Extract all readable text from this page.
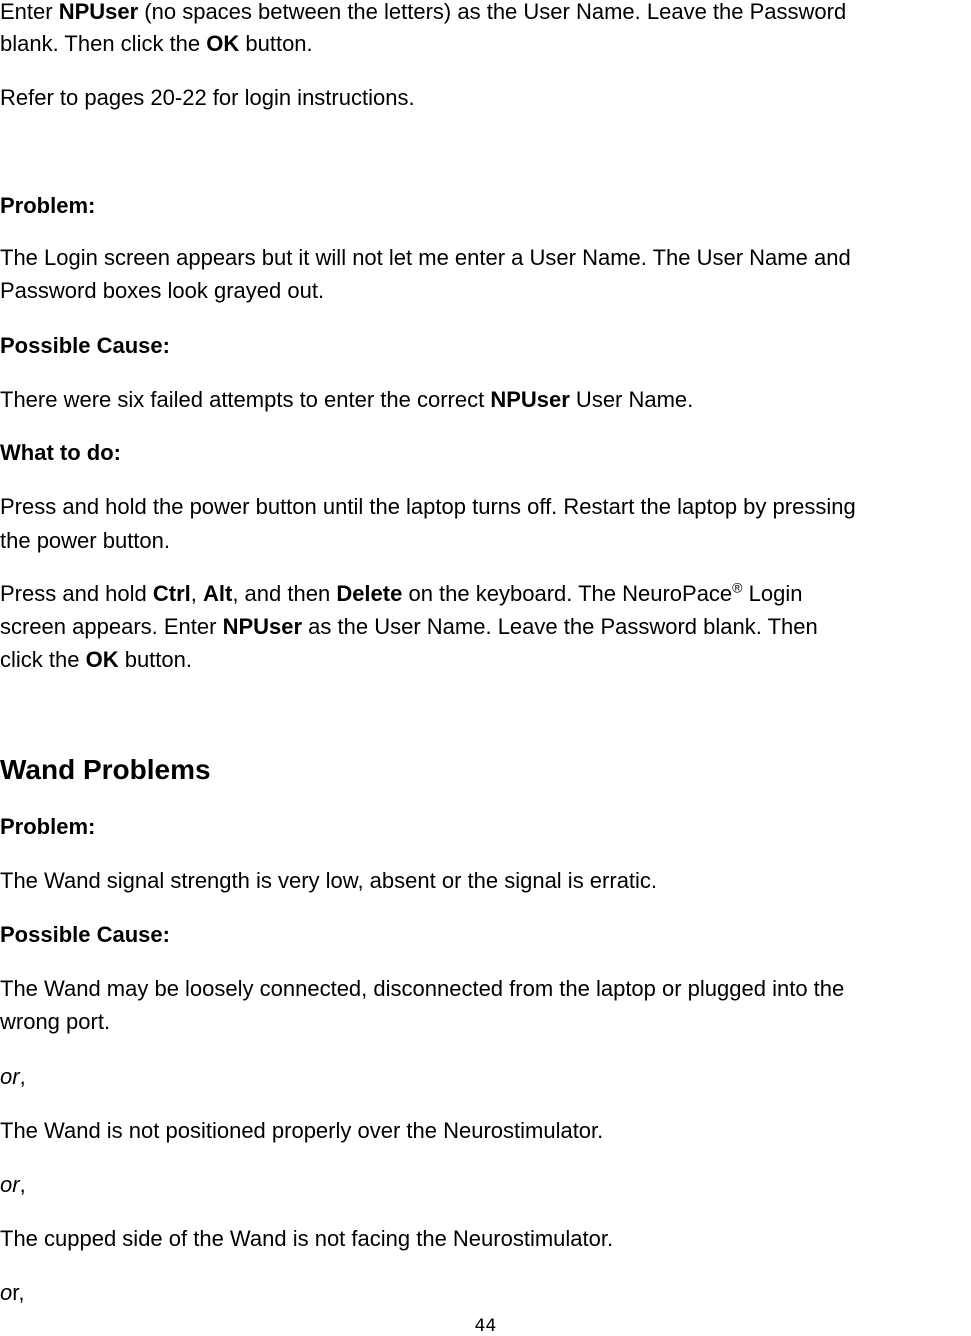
Enter NPUser (no spaces between the letters) as the User Name. Leave the Password
blank. Then click the OK button.
Refer to pages 20-22 for login instructions.
Problem:
The Login screen appears but it will not let me enter a User Name. The User Name and
Password boxes look grayed out.
Possible Cause:
There were six failed attempts to enter the correct NPUser User Name.
What to do:
Press and hold the power button until the laptop turns off. Restart the laptop by pressing
the power button.
Press and hold Ctrl, Alt, and then Delete on the keyboard. The NeuroPace® Login
screen appears. Enter NPUser as the User Name. Leave the Password blank. Then
click the OK button.
Wand Problems
Problem:
The Wand signal strength is very low, absent or the signal is erratic.
Possible Cause:
The Wand may be loosely connected, disconnected from the laptop or plugged into the
wrong port.
or,
The Wand is not positioned properly over the Neurostimulator.
or,
The cupped side of the Wand is not facing the Neurostimulator.
or,
44
